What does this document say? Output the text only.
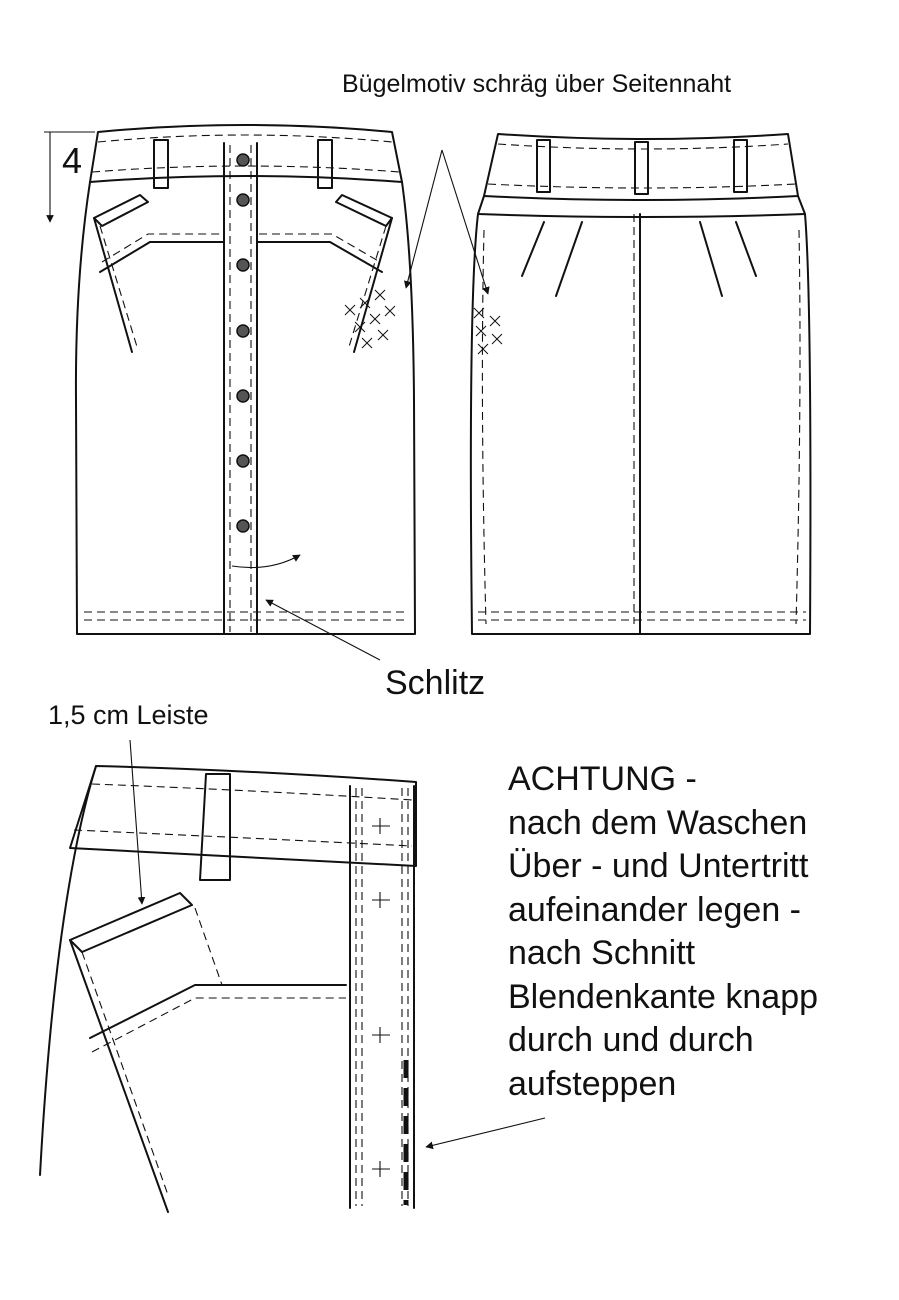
Bügelmotiv schräg über Seitennaht
4
Schlitz
1,5 cm Leiste
ACHTUNG -
nach dem Waschen
Über - und Untertritt
aufeinander legen -
nach Schnitt
Blendenkante knapp
durch und durch
aufsteppen
